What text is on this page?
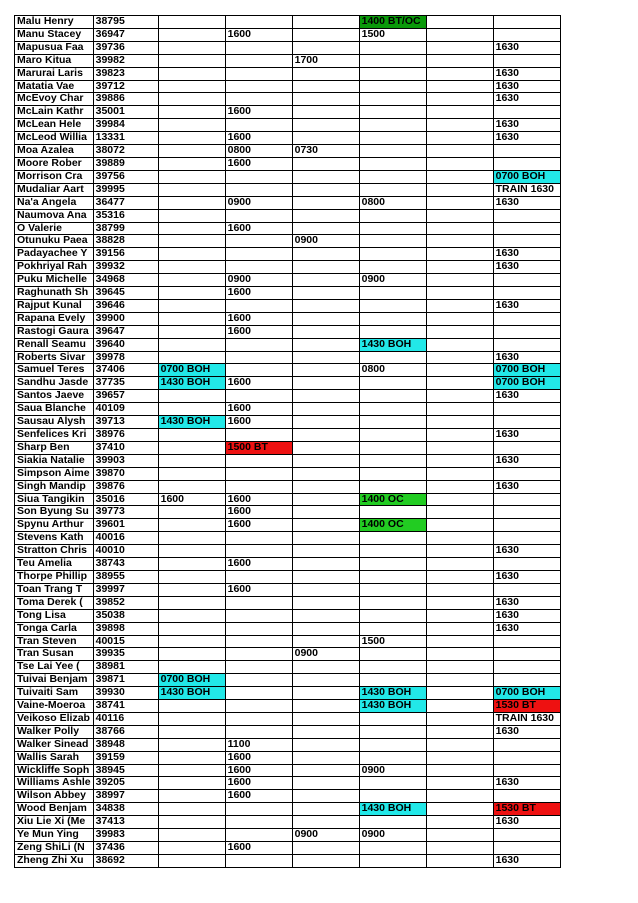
Malu Henry	38795				1400 BT/OC		
Manu Stacey	36947		1600		1500		
Mapusua Faa	39736						1630
Maro Kitua	39982			1700			
Marurai Laris	39823						1630
Matatia Vae	39712						1630
McEvoy Char	39886						1630
McLain Kathr	35001		1600				
McLean Hele	39984						1630
McLeod Willia	13331		1600				1630
Moa Azalea	38072		0800	0730			
Moore Rober	39889		1600				
Morrison Cra	39756						0700 BOH
Mudaliar Aart	39995						TRAIN 1630
Na'a Angela	36477		0900		0800		1630
Naumova Ana	35316						
O Valerie	38799		1600				
Otunuku Paea	38828			0900			
Padayachee Y	39156						1630
Pokhriyal Rah	39932						1630
Puku Michelle	34968		0900		0900		
Raghunath Sh	39645		1600				
Rajput Kunal	39646						1630
Rapana Evely	39900		1600				
Rastogi Gaura	39647		1600				
Renall Seamu	39640				1430 BOH		
Roberts Sivar	39978						1630
Samuel Teres	37406	0700 BOH			0800		0700 BOH
Sandhu Jasde	37735	1430 BOH	1600				0700 BOH
Santos Jaeve	39657						1630
Saua Blanche	40109		1600				
Sausau Alysh	39713	1430 BOH	1600				
Senfelices Kri	38976						1630
Sharp Ben	37410		1500 BT				
Siakia Natalie	39903						1630
Simpson Aime	39870						
Singh Mandip	39876						1630
Siua Tangikin	35016	1600	1600		1400 OC		
Son Byung Su	39773		1600				
Spynu Arthur	39601		1600		1400 OC		
Stevens Kath	40016						
Stratton Chris	40010						1630
Teu Amelia	38743		1600				
Thorpe Phillip	38955						1630
Toan Trang T	39997		1600				
Toma Derek (	39852						1630
Tong Lisa	35038						1630
Tonga Carla	39898						1630
Tran Steven	40015				1500		
Tran Susan	39935			0900			
Tse Lai Yee (	38981						
Tuivai Benjam	39871	0700 BOH					
Tuivaiti Sam	39930	1430 BOH			1430 BOH		0700 BOH
Vaine-Moeroa	38741				1430 BOH		1530 BT
Veikoso Elizab	40116						TRAIN 1630
Walker Polly	38766						1630
Walker Sinead	38948		1100				
Wallis Sarah	39159		1600				
Wickliffe Soph	38945		1600		0900		
Williams Ashle	39205		1600				1630
Wilson Abbey	38997		1600				
Wood Benjam	34838				1430 BOH		1530 BT
Xiu Lie Xi (Me	37413						1630
Ye Mun Ying	39983			0900	0900		
Zeng ShiLi (N	37436		1600				
Zheng Zhi Xu	38692						1630
